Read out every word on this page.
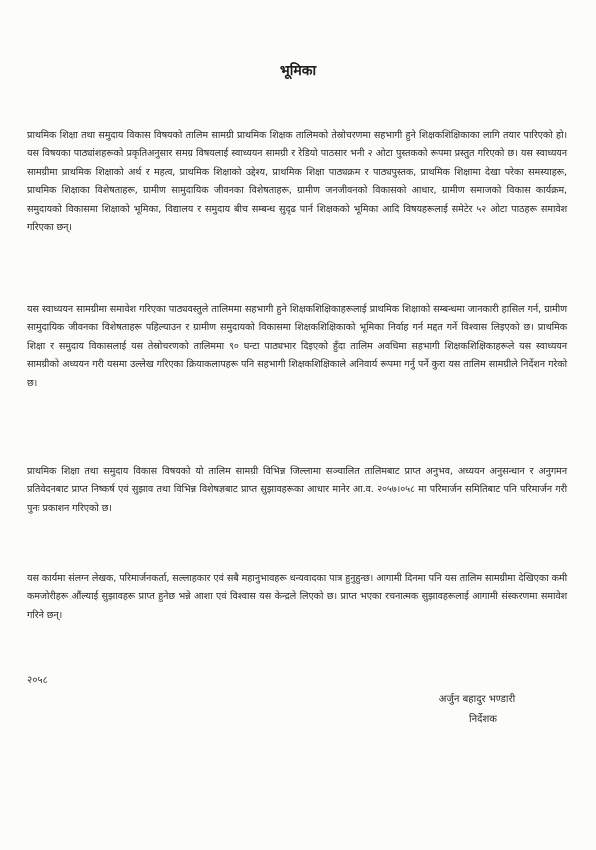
भूमिका

प्राथमिक शिक्षा तथा समुदाय विकास विषयको तालिम सामग्री प्राथमिक शिक्षक तालिमको तेस्रोचरणमा सहभागी हुने शिक्षकशिक्षिकाका लागि तयार पारिएको हो। यस विषयका पाठ्यांशहरूको प्रकृतिअनुसार समग्र विषयलाई स्वाध्ययन सामग्री र रेडियो पाठसार भनी २ ओटा पुस्तकको रूपमा प्रस्तुत गरिएको छ। यस स्वाध्ययन सामग्रीमा प्राथमिक शिक्षाको अर्थ र महत्व, प्राथमिक शिक्षाको उद्देश्य, प्राथमिक शिक्षा पाठ्यक्रम र पाठ्यपुस्तक, प्राथमिक शिक्षामा देखा परेका समस्याहरू, प्राथमिक शिक्षाका विशेषताहरू, ग्रामीण सामुदायिक जीवनका विशेषताहरू, ग्रामीण जनजीवनको विकासको आधार, ग्रामीण समाजको विकास कार्यक्रम, समुदायको विकासमा शिक्षाको भूमिका, विद्यालय र समुदाय बीच सम्बन्ध सुदृढ पार्न शिक्षकको भूमिका आदि विषयहरूलाई समेटेर ५२ ओटा पाठहरू समावेश गरिएका छन्।

यस स्वाध्ययन सामग्रीमा समावेश गरिएका पाठ्यवस्तुले तालिममा सहभागी हुने शिक्षकशिक्षिकाहरूलाई प्राथमिक शिक्षाको सम्बन्धमा जानकारी हासिल गर्न, ग्रामीण सामुदायिक जीवनका विशेषताहरू पहिल्याउन र ग्रामीण समुदायको विकासमा शिक्षकशिक्षिकाको भूमिका निर्वाह गर्न मद्दत गर्ने विश्वास लिइएको छ। प्राथमिक शिक्षा र समुदाय विकासलाई यस तेस्रोचरणको तालिममा ९० घन्टा पाठ्यभार दिइएको हुँदा तालिम अवधिमा सहभागी शिक्षकशिक्षिकाहरूले यस स्वाध्ययन सामग्रीको अध्ययन गरी यसमा उल्लेख गरिएका क्रियाकलापहरू पनि सहभागी शिक्षकशिक्षिकाले अनिवार्य रूपमा गर्नु पर्ने कुरा यस तालिम सामग्रीले निर्देशन गरेको छ।

प्राथमिक शिक्षा तथा समुदाय विकास विषयको यो तालिम सामग्री विभिन्न जिल्लामा सञ्चालित तालिमबाट प्राप्त अनुभव, अध्ययन अनुसन्धान र अनुगमन प्रतिवेदनबाट प्राप्त निष्कर्ष एवं सुझाव तथा विभिन्न विशेषज्ञबाट प्राप्त सुझावहरूका आधार मानेर आ.व. २०५७।०५८ मा परिमार्जन समितिबाट पनि परिमार्जन गरी पुनः प्रकाशन गरिएको छ।

यस कार्यमा संलग्न लेखक, परिमार्जनकर्ता, सल्लाहकार एवं सबै महानुभावहरू धन्यवादका पात्र हुनुहुन्छ। आगामी दिनमा पनि यस तालिम सामग्रीमा देखिएका कमी कमजोरीहरू औंल्याई सुझावहरू प्राप्त हुनेछ भन्ने आशा एवं विश्वास यस केन्द्रले लिएको छ। प्राप्त भएका रचनात्मक सुझावहरूलाई आगामी संस्करणमा समावेश गरिने छन्।

२०५८
अर्जुन बहादुर भण्डारी
निर्देशक
